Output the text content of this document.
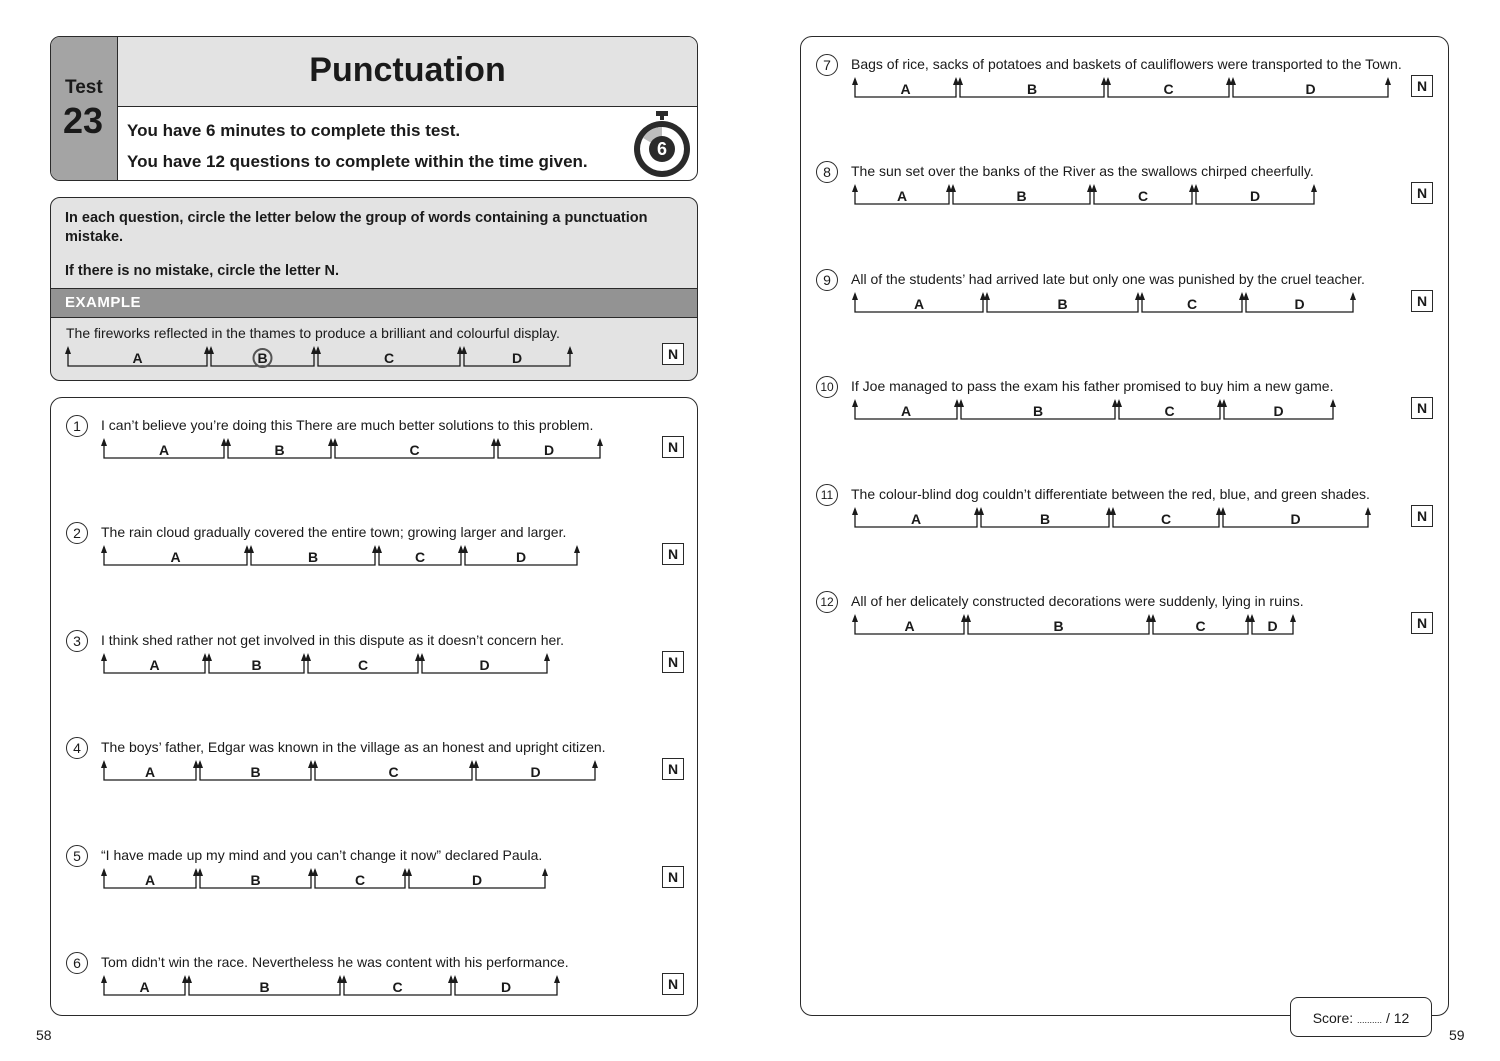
Test
23
Punctuation
You have 6 minutes to complete this test.
You have 12 questions to complete within the time given.
6
In each question, circle the letter below the group of words containing a punctuation mistake.
If there is no mistake, circle the letter N.
EXAMPLE
The fireworks reflected in the thames to produce a brilliant and colourful display.
A	B	C	D	N
1	I can’t believe you’re doing this There are much better solutions to this problem.
A	B	C	D	N
2	The rain cloud gradually covered the entire town; growing larger and larger.
A	B	C	D	N
3	I think shed rather not get involved in this dispute as it doesn’t concern her.
A	B	C	D	N
4	The boys’ father, Edgar was known in the village as an honest and upright citizen.
A	B	C	D	N
5	“I have made up my mind and you can’t change it now” declared Paula.
A	B	C	D	N
6	Tom didn’t win the race. Nevertheless he was content with his performance.
A	B	C	D	N
7	Bags of rice, sacks of potatoes and baskets of cauliflowers were transported to the Town.
A	B	C	D	N
8	The sun set over the banks of the River as the swallows chirped cheerfully.
A	B	C	D	N
9	All of the students’ had arrived late but only one was punished by the cruel teacher.
A	B	C	D	N
10	If Joe managed to pass the exam his father promised to buy him a new game.
A	B	C	D	N
11	The colour-blind dog couldn’t differentiate between the red, blue, and green shades.
A	B	C	D	N
12	All of her delicately constructed decorations were suddenly, lying in ruins.
A	B	C	D	N
Score: .......... / 12
58	59
